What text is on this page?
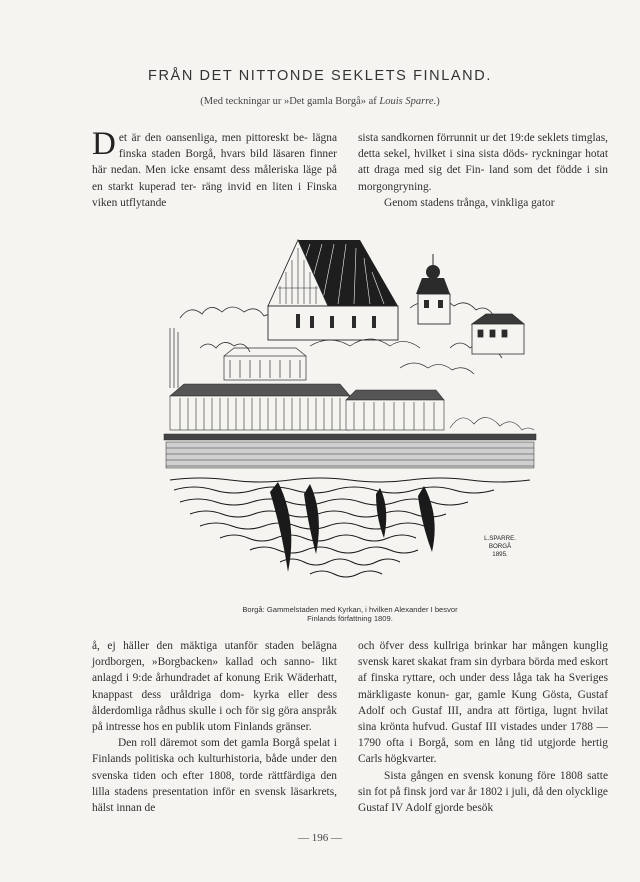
FRÅN DET NITTONDE SEKLETS FINLAND.
(Med teckningar ur »Det gamla Borgå» af Louis Sparre.)
D et är den oansenliga, men pittoreskt be- lägna finska staden Borgå, hvars bild läsaren finner här nedan. Men icke ensamt dess måleriska läge på en starkt kuperad ter- räng invid en liten i Finska viken utflytande

sista sandkornen förrunnit ur det 19:de seklets timglas, detta sekel, hvilket i sina sista döds- ryckningar hotat att draga med sig det Fin- land som det födde i sin morgongryning.

Genom stadens trånga, vinkliga gator

L.SPARRE.
BORGÅ
1895.
Borgå: Gammelstaden med Kyrkan, i hvilken Alexander I besvor
Finlands författning 1809.

å, ej häller den mäktiga utanför staden belägna jordborgen, »Borgbacken» kallad och sanno- likt anlagd i 9:de århundradet af konung Erik Wäderhatt, knappast dess uråldriga dom- kyrka eller dess ålderdomliga rådhus skulle i och för sig göra anspråk på intresse hos en publik utom Finlands gränser.

Den roll däremot som det gamla Borgå spelat i Finlands politiska och kulturhistoria, både under den svenska tiden och efter 1808, torde rättfärdiga den lilla stadens presentation inför en svensk läsarkrets, hälst innan de

och öfver dess kullriga brinkar har mången kunglig svensk karet skakat fram sin dyrbara börda med eskort af finska ryttare, och under dess låga tak ha Sveriges märkligaste konun- gar, gamle Kung Gösta, Gustaf Adolf och Gustaf III, andra att förtiga, lugnt hvilat sina krönta hufvud. Gustaf III vistades under 1788 —1790 ofta i Borgå, som en lång tid utgjorde hertig Carls högkvarter.

Sista gången en svensk konung före 1808 satte sin fot på finsk jord var år 1802 i juli, då den olycklige Gustaf IV Adolf gjorde besök

— 196 —
